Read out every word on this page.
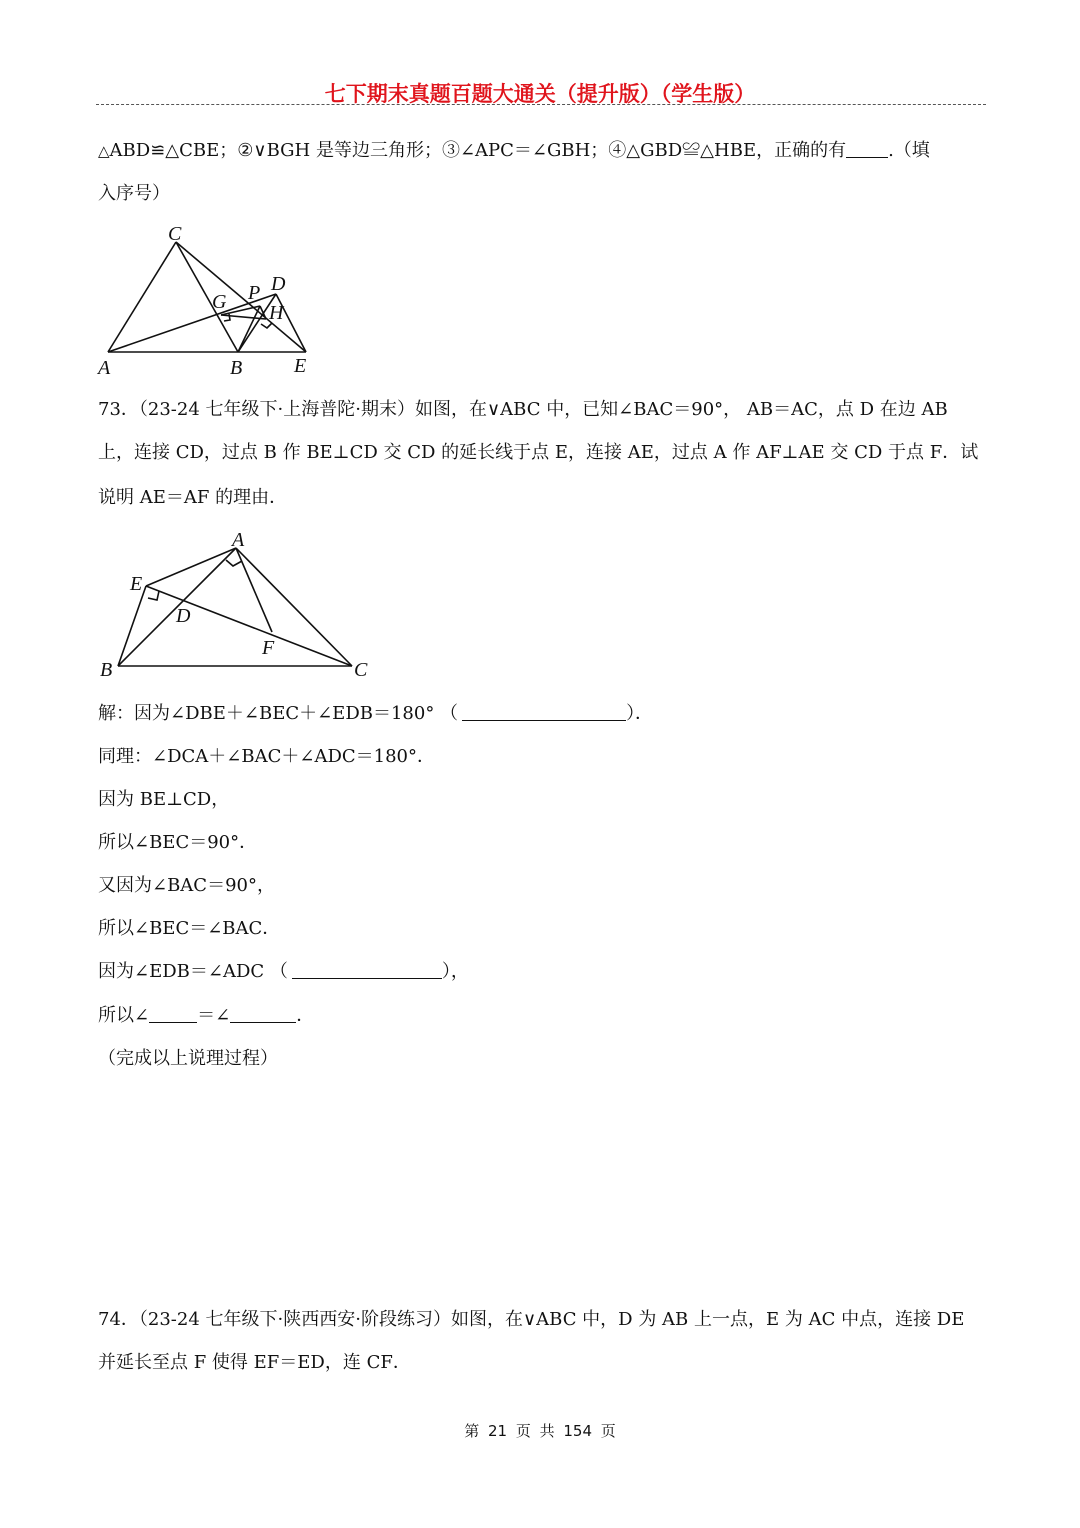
七下期末真题百题大通关（提升版）（学生版）
△ABD≌△CBE；②∨BGH 是等边三角形；③∠APC＝∠GBH；④△GBD≌△HBE，正确的有 .（填
入序号）
C
A	B	E
D
P
G H
73．（23-24 七年级下·上海普陀·期末）如图，在∨ABC 中，已知∠BAC＝90°， AB＝AC，点 D 在边 AB
上，连接 CD，过点 B 作 BE⊥CD 交 CD 的延长线于点 E，连接 AE，过点 A 作 AF⊥AE 交 CD 于点 F．试
说明 AE＝AF 的理由．
A
E
D
F
B	C
解：因为∠DBE＋∠BEC＋∠EDB＝180° （	）．
同理：∠DCA＋∠BAC＋∠ADC＝180°．
因为 BE⊥CD，
所以∠BEC＝90°．
又因为∠BAC＝90°，
所以∠BEC＝∠BAC．
因为∠EDB＝∠ADC （	），
所以∠	＝∠	．
（完成以上说理过程）
74．（23-24 七年级下·陕西西安·阶段练习）如图，在∨ABC 中，D 为 AB 上一点，E 为 AC 中点，连接 DE
并延长至点 F 使得 EF＝ED，连 CF．
第 21 页 共 154 页
